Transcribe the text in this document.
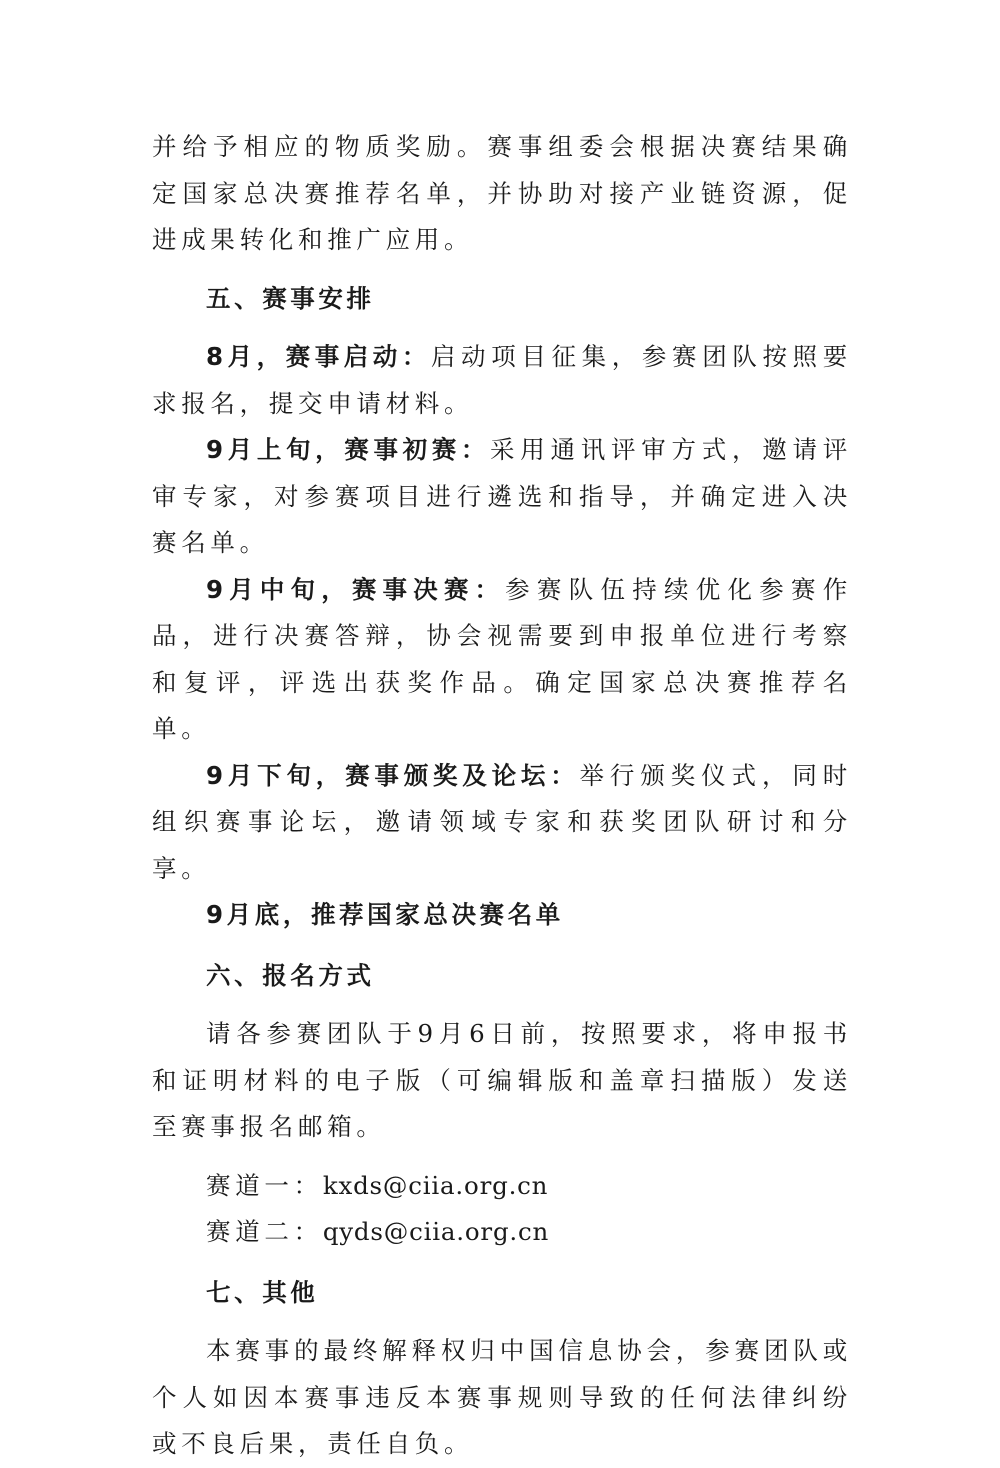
并给予相应的物质奖励。赛事组委会根据决赛结果确定国家总决赛推荐名单，并协助对接产业链资源，促进成果转化和推广应用。

五、赛事安排

8月，赛事启动：启动项目征集，参赛团队按照要求报名，提交申请材料。

9月上旬，赛事初赛：采用通讯评审方式，邀请评审专家，对参赛项目进行遴选和指导，并确定进入决赛名单。

9月中旬，赛事决赛：参赛队伍持续优化参赛作品，进行决赛答辩，协会视需要到申报单位进行考察和复评，评选出获奖作品。确定国家总决赛推荐名单。

9月下旬，赛事颁奖及论坛：举行颁奖仪式，同时组织赛事论坛，邀请领域专家和获奖团队研讨和分享。

9月底，推荐国家总决赛名单

六、报名方式

请各参赛团队于9月6日前，按照要求，将申报书和证明材料的电子版（可编辑版和盖章扫描版）发送至赛事报名邮箱。

赛道一：kxds@ciia.org.cn

赛道二：qyds@ciia.org.cn

七、其他

本赛事的最终解释权归中国信息协会，参赛团队或个人如因本赛事违反本赛事规则导致的任何法律纠纷或不良后果，责任自负。
